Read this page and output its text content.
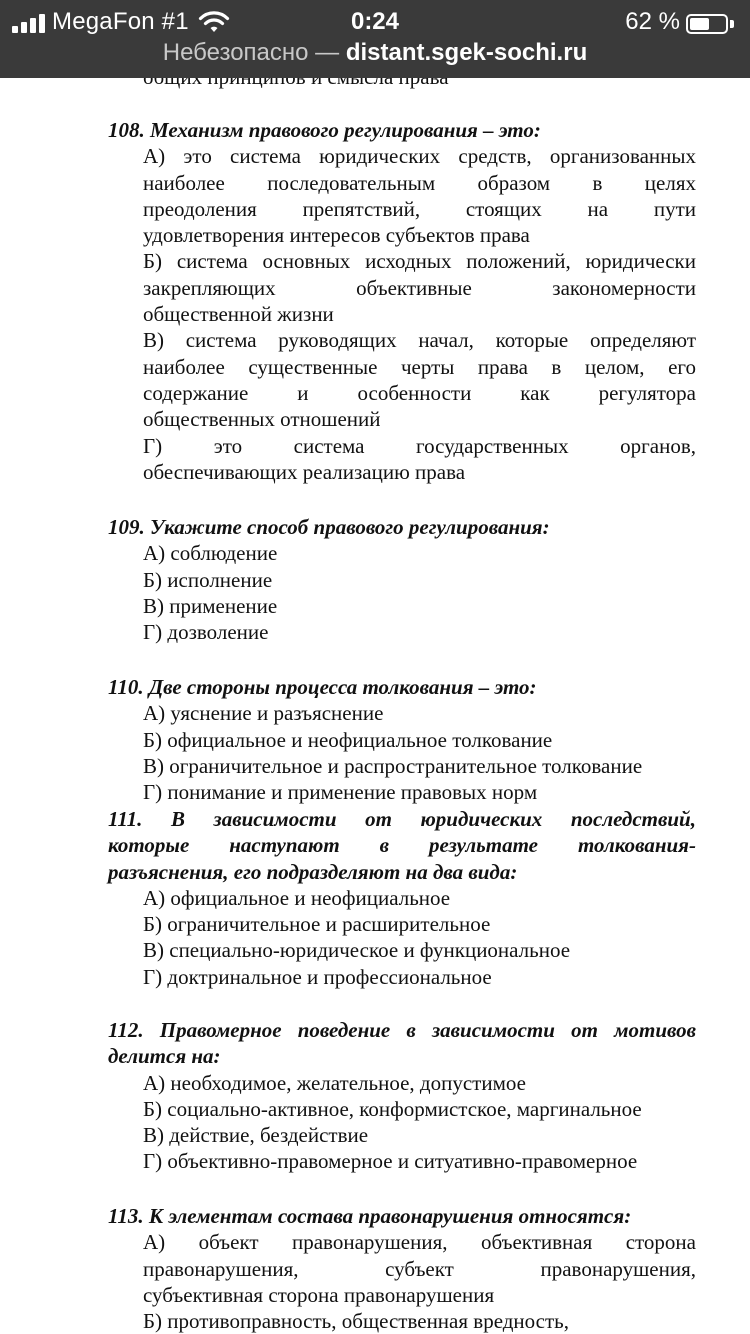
108. Механизм правового регулирования – это:
А) это система юридических средств, организованных
наиболее последовательным образом в целях
преодоления препятствий, стоящих на пути
удовлетворения интересов субъектов права
Б) система основных исходных положений, юридически
закрепляющих объективные закономерности
общественной жизни
В) система руководящих начал, которые определяют
наиболее существенные черты права в целом, его
содержание и особенности как регулятора
общественных отношений
Г) это система государственных органов,
обеспечивающих реализацию права
109. Укажите способ правового регулирования:
А) соблюдение
Б) исполнение
В) применение
Г) дозволение
110. Две стороны процесса толкования – это:
А) уяснение и разъяснение
Б) официальное и неофициальное толкование
В) ограничительное и распространительное толкование
Г) понимание и применение правовых норм
111. В зависимости от юридических последствий,
которые наступают в результате толкования-
разъяснения, его подразделяют на два вида:
А) официальное и неофициальное
Б) ограничительное и расширительное
В) специально-юридическое и функциональное
Г) доктринальное и профессиональное
112. Правомерное поведение в зависимости от мотивов
делится на:
А) необходимое, желательное, допустимое
Б) социально-активное, конформистское, маргинальное
В) действие, бездействие
Г) объективно-правомерное и ситуативно-правомерное
113. К элементам состава правонарушения относятся:
А) объект правонарушения, объективная сторона
правонарушения, субъект правонарушения,
субъективная сторона правонарушения
Б) противоправность, общественная вредность,
MegaFon #1	0:24	62 %
Небезопасно — distant.sgek-sochi.ru
